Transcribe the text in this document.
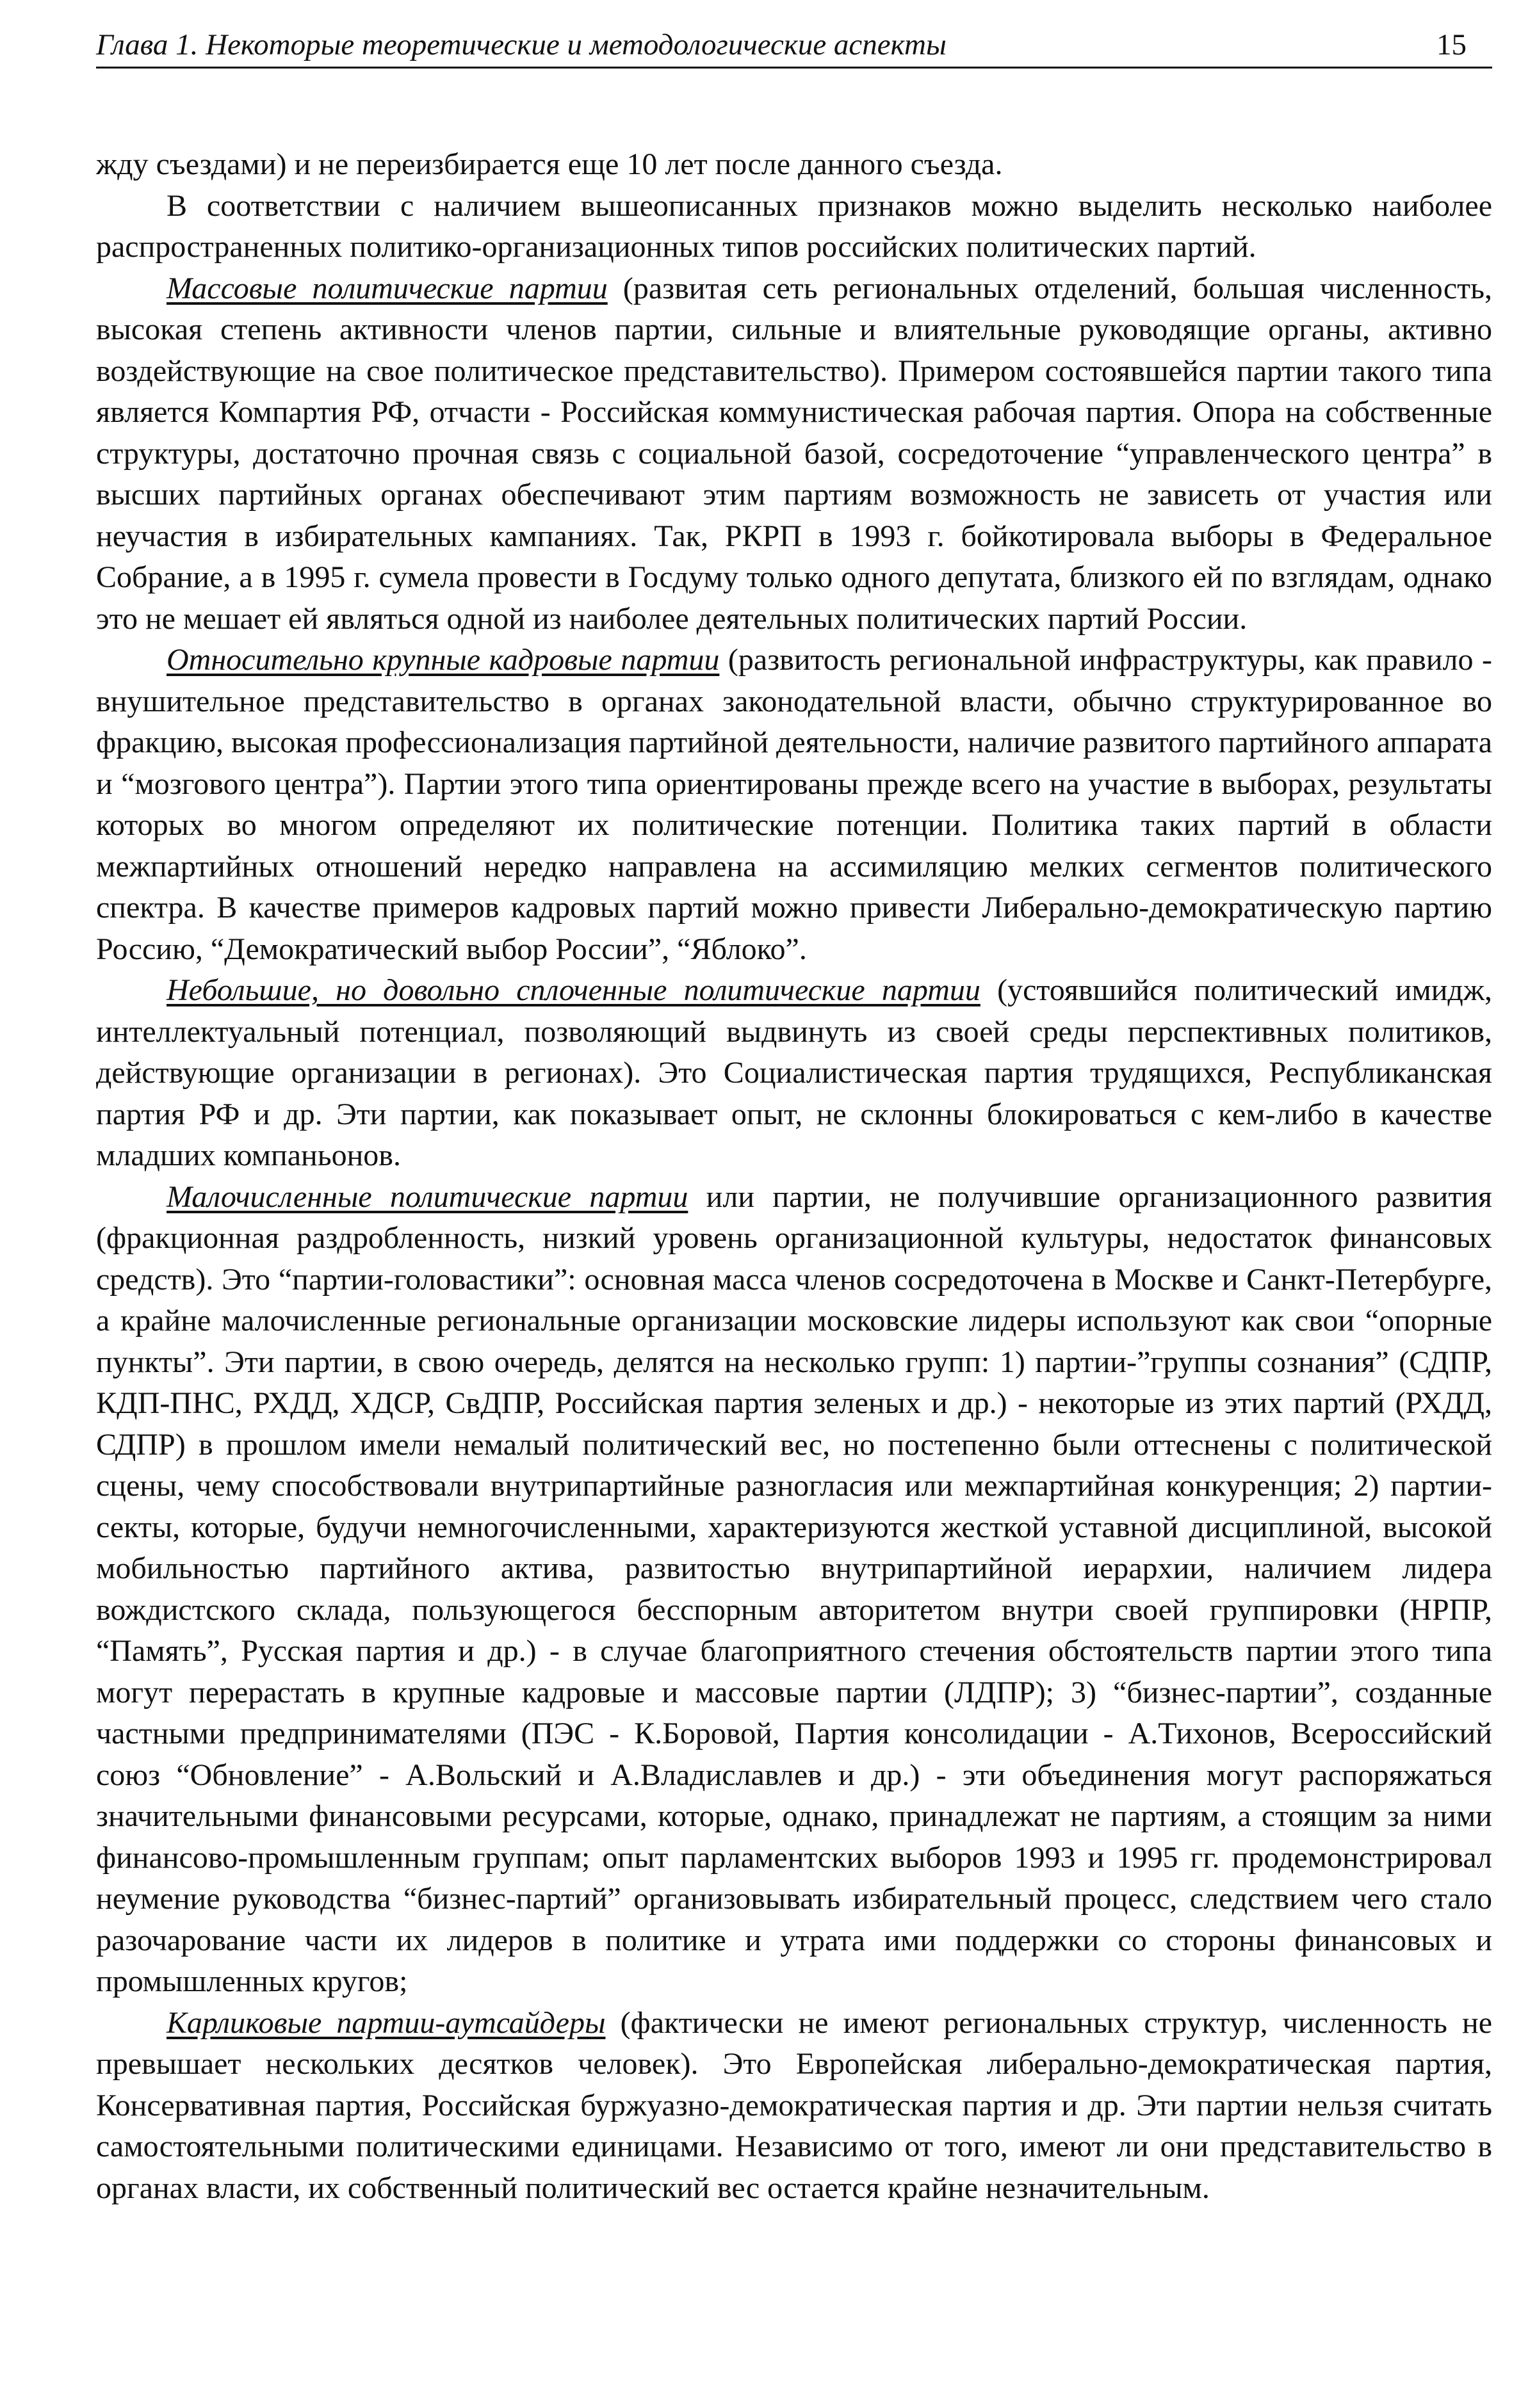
Глава 1. Некоторые теоретические и методологические аспекты	15

жду съездами) и не переизбирается еще 10 лет после данного съезда.

В соответствии с наличием вышеописанных признаков можно выделить несколько наиболее распространенных политико-организационных типов российских политических партий.

Массовые политические партии (развитая сеть региональных отделений, большая численность, высокая степень активности членов партии, сильные и влиятельные руководящие органы, активно воздействующие на свое политическое представительство). Примером состоявшейся партии такого типа является Компартия РФ, отчасти - Российская коммунистическая рабочая партия. Опора на собственные структуры, достаточно прочная связь с социальной базой, сосредоточение “управленческого центра” в высших партийных органах обеспечивают этим партиям возможность не зависеть от участия или неучастия в избирательных кампаниях. Так, РКРП в 1993 г. бойкотировала выборы в Федеральное Собрание, а в 1995 г. сумела провести в Госдуму только одного депутата, близкого ей по взглядам, однако это не мешает ей являться одной из наиболее деятельных политических партий России.

Относительно крупные кадровые партии (развитость региональной инфраструктуры, как правило - внушительное представительство в органах законодательной власти, обычно структурированное во фракцию, высокая профессионализация партийной деятельности, наличие развитого партийного аппарата и “мозгового центра”). Партии этого типа ориентированы прежде всего на участие в выборах, результаты которых во многом определяют их политические потенции. Политика таких партий в области межпартийных отношений нередко направлена на ассимиляцию мелких сегментов политического спектра. В качестве примеров кадровых партий можно привести Либерально-демократическую партию Россию, “Демократический выбор России”, “Яблоко”.

Небольшие, но довольно сплоченные политические партии (устоявшийся политический имидж, интеллектуальный потенциал, позволяющий выдвинуть из своей среды перспективных политиков, действующие организации в регионах). Это Социалистическая партия трудящихся, Республиканская партия РФ и др. Эти партии, как показывает опыт, не склонны блокироваться с кем-либо в качестве младших компаньонов.

Малочисленные политические партии или партии, не получившие организационного развития (фракционная раздробленность, низкий уровень организационной культуры, недостаток финансовых средств). Это “партии-головастики”: основная масса членов сосредоточена в Москве и Санкт-Петербурге, а крайне малочисленные региональные организации московские лидеры используют как свои “опорные пункты”. Эти партии, в свою очередь, делятся на несколько групп: 1) партии-”группы сознания” (СДПР, КДП-ПНС, РХДД, ХДСР, СвДПР, Российская партия зеленых и др.) - некоторые из этих партий (РХДД, СДПР) в прошлом имели немалый политический вес, но постепенно были оттеснены с политической сцены, чему способствовали внутрипартийные разногласия или межпартийная конкуренция; 2) партии-секты, которые, будучи немногочисленными, характеризуются жесткой уставной дисциплиной, высокой мобильностью партийного актива, развитостью внутрипартийной иерархии, наличием лидера вождистского склада, пользующегося бесспорным авторитетом внутри своей группировки (НРПР, “Память”, Русская партия и др.) - в случае благоприятного стечения обстоятельств партии этого типа могут перерастать в крупные кадровые и массовые партии (ЛДПР); 3) “бизнес-партии”, созданные частными предпринимателями (ПЭС - К.Боровой, Партия консолидации - А.Тихонов, Всероссийский союз “Обновление” - А.Вольский и А.Владиславлев и др.) - эти объединения могут распоряжаться значительными финансовыми ресурсами, которые, однако, принадлежат не партиям, а стоящим за ними финансово-промышленным группам; опыт парламентских выборов 1993 и 1995 гг. продемонстрировал неумение руководства “бизнес-партий” организовывать избирательный процесс, следствием чего стало разочарование части их лидеров в политике и утрата ими поддержки со стороны финансовых и промышленных кругов;

Карликовые партии-аутсайдеры (фактически не имеют региональных структур, численность не превышает нескольких десятков человек). Это Европейская либерально-демократическая партия, Консервативная партия, Российская буржуазно-демократическая партия и др. Эти партии нельзя считать самостоятельными политическими единицами. Независимо от того, имеют ли они представительство в органах власти, их собственный политический вес остается крайне незначительным.
